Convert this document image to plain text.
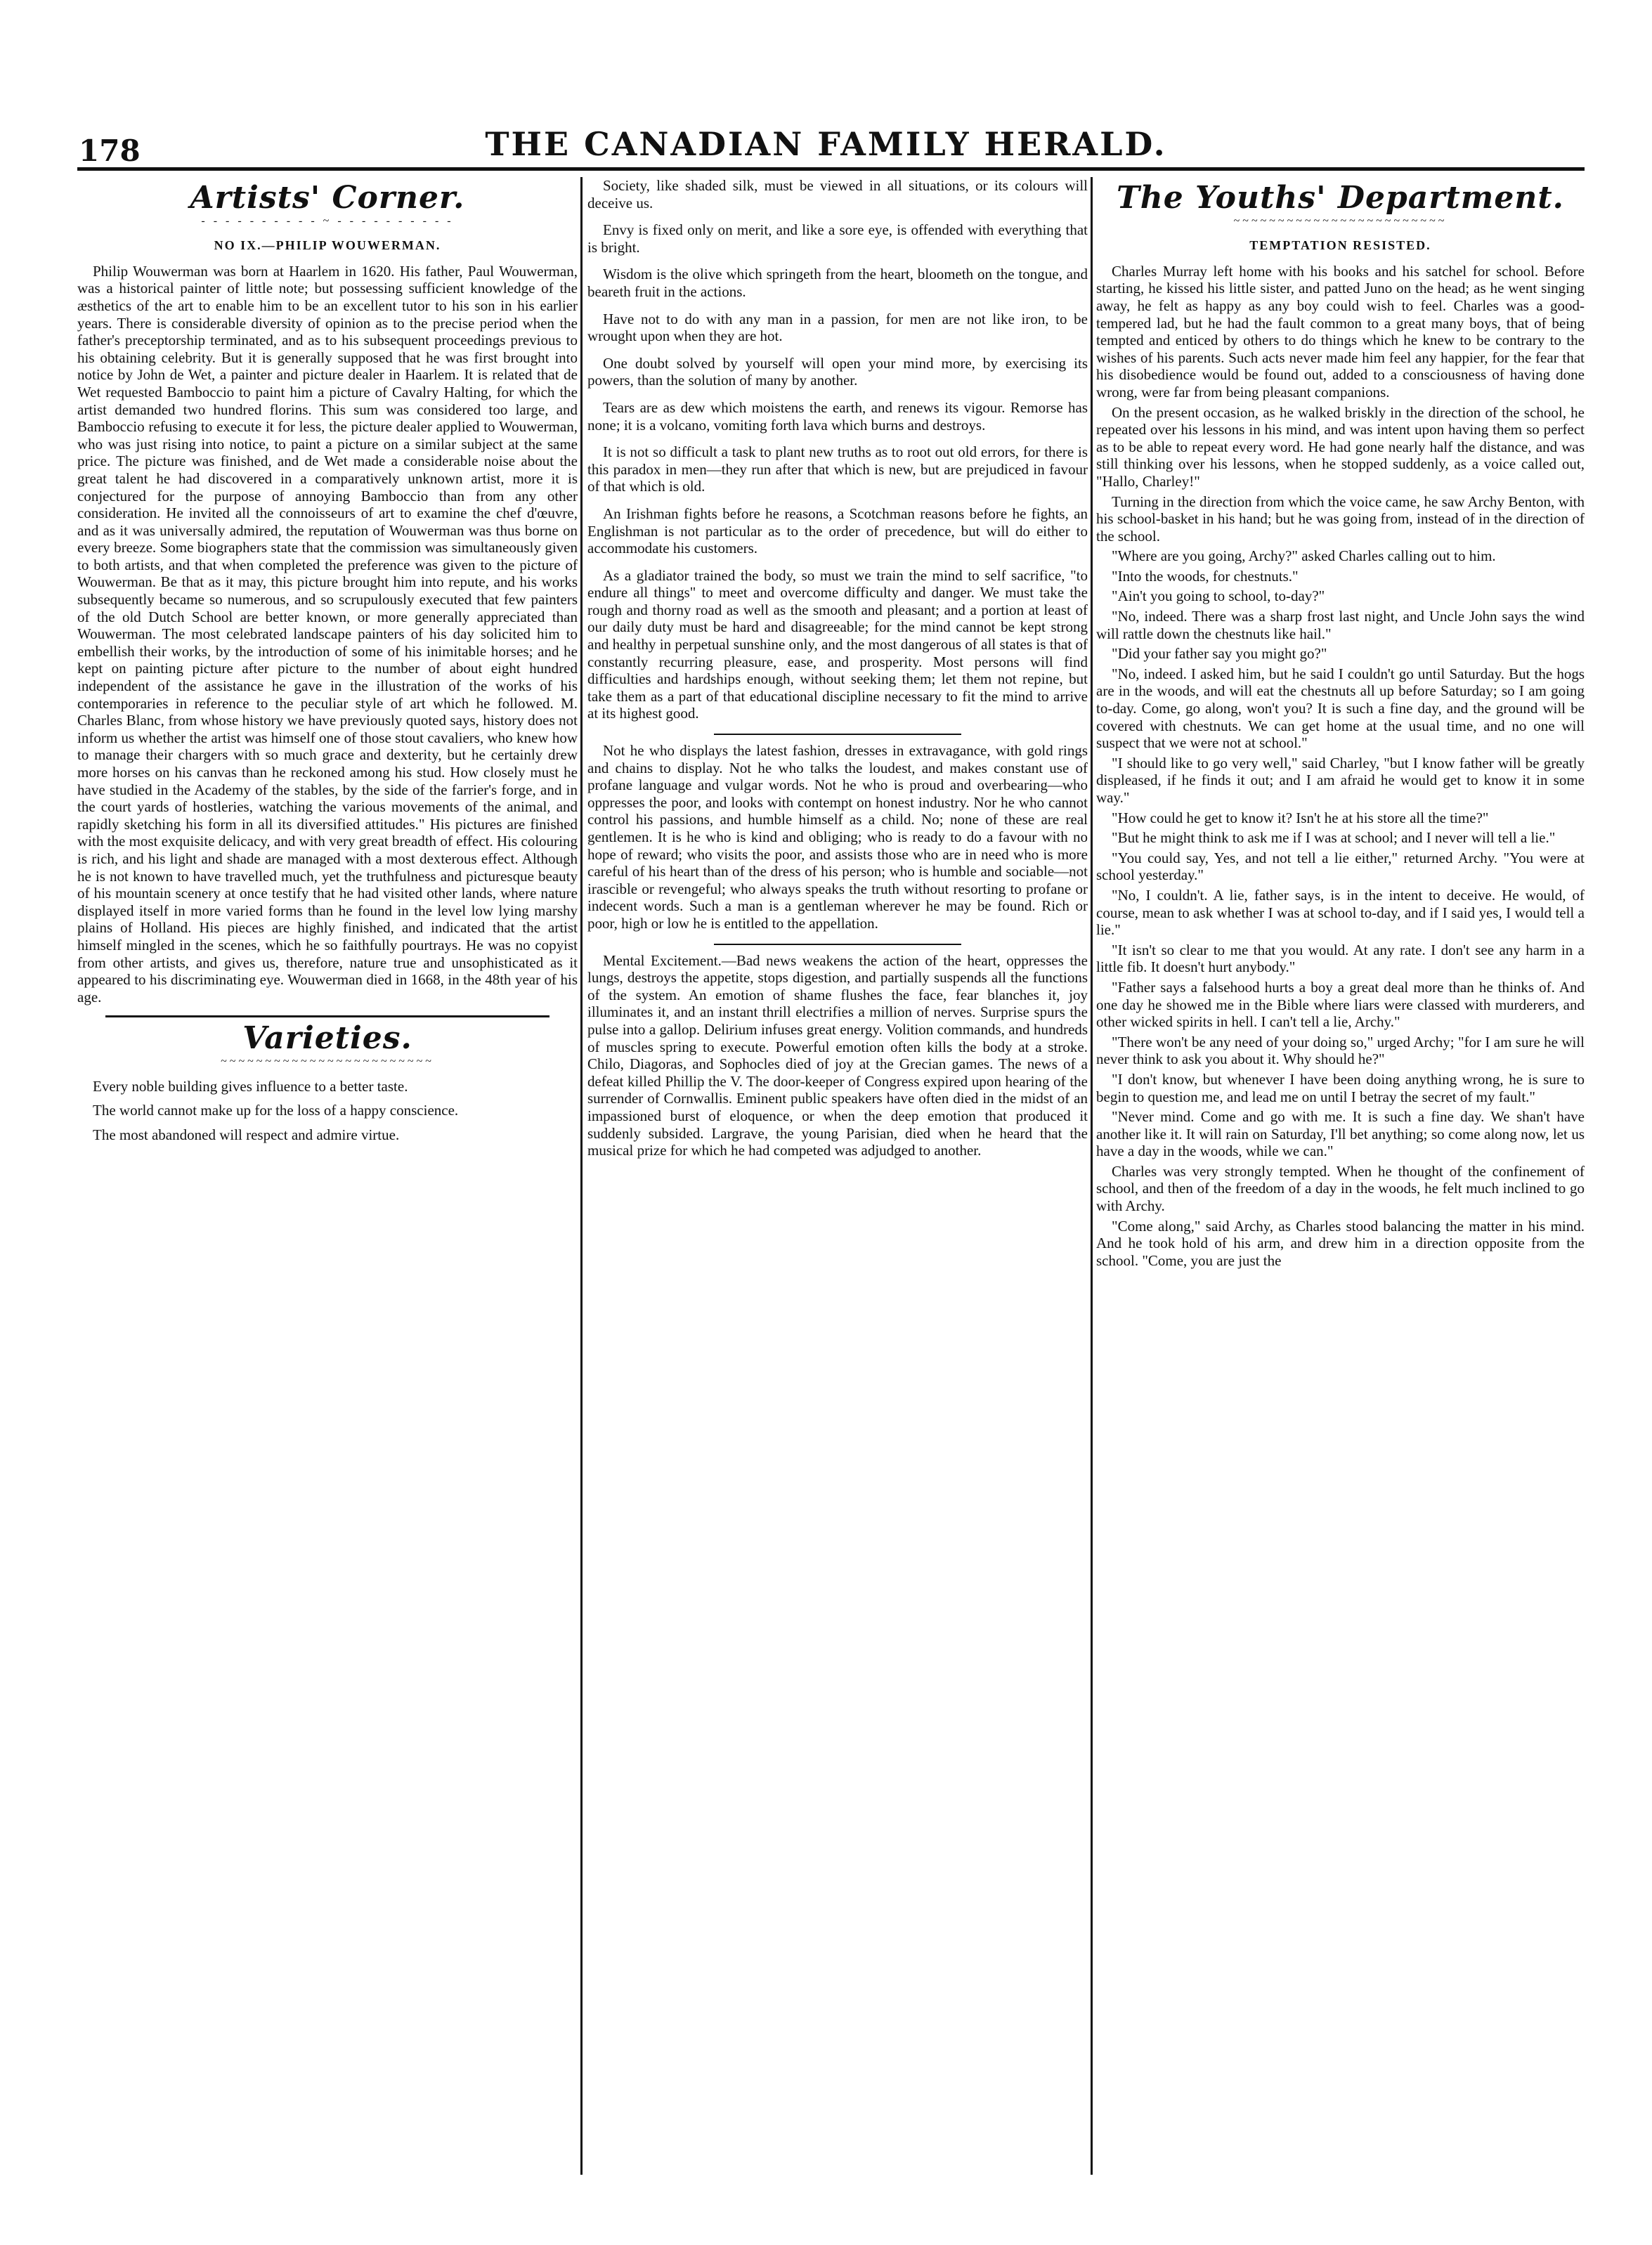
178	THE CANADIAN FAMILY HERALD.
Artists' Corner.
- - - - - - - - - - ~ - - - - - - - - - -
NO IX.—PHILIP WOUWERMAN.

Philip Wouwerman was born at Haarlem in 1620. His father, Paul Wouwerman, was a historical painter of little note; but possessing sufficient knowledge of the æsthetics of the art to enable him to be an excellent tutor to his son in his earlier years. There is considerable diversity of opinion as to the precise period when the father's preceptorship terminated, and as to his subsequent proceedings previous to his obtaining celebrity. But it is generally supposed that he was first brought into notice by John de Wet, a painter and picture dealer in Haarlem. It is related that de Wet requested Bamboccio to paint him a picture of Cavalry Halting, for which the artist demanded two hundred florins. This sum was considered too large, and Bamboccio refusing to execute it for less, the picture dealer applied to Wouwerman, who was just rising into notice, to paint a picture on a similar subject at the same price. The picture was finished, and de Wet made a considerable noise about the great talent he had discovered in a comparatively unknown artist, more it is conjectured for the purpose of annoying Bamboccio than from any other consideration. He invited all the connoisseurs of art to examine the chef d'œuvre, and as it was universally admired, the reputation of Wouwerman was thus borne on every breeze. Some biographers state that the commission was simultaneously given to both artists, and that when completed the preference was given to the picture of Wouwerman. Be that as it may, this picture brought him into repute, and his works subsequently became so numerous, and so scrupulously executed that few painters of the old Dutch School are better known, or more generally appreciated than Wouwerman. The most celebrated landscape painters of his day solicited him to embellish their works, by the introduction of some of his inimitable horses; and he kept on painting picture after picture to the number of about eight hundred independent of the assistance he gave in the illustration of the works of his contemporaries in reference to the peculiar style of art which he followed. M. Charles Blanc, from whose history we have previously quoted says, history does not inform us whether the artist was himself one of those stout cavaliers, who knew how to manage their chargers with so much grace and dexterity, but he certainly drew more horses on his canvas than he reckoned among his stud. How closely must he have studied in the Academy of the stables, by the side of the farrier's forge, and in the court yards of hostleries, watching the various movements of the animal, and rapidly sketching his form in all its diversified attitudes." His pictures are finished with the most exquisite delicacy, and with very great breadth of effect. His colouring is rich, and his light and shade are managed with a most dexterous effect. Although he is not known to have travelled much, yet the truthfulness and picturesque beauty of his mountain scenery at once testify that he had visited other lands, where nature displayed itself in more varied forms than he found in the level low lying marshy plains of Holland. His pieces are highly finished, and indicated that the artist himself mingled in the scenes, which he so faithfully pourtrays. He was no copyist from other artists, and gives us, therefore, nature true and unsophisticated as it appeared to his discriminating eye. Wouwerman died in 1668, in the 48th year of his age.

Varieties.
~~~~~~~~~~~~~~~~~~~~~~~~

Every noble building gives influence to a better taste.

The world cannot make up for the loss of a happy conscience.

The most abandoned will respect and admire virtue.

Society, like shaded silk, must be viewed in all situations, or its colours will deceive us.

Envy is fixed only on merit, and like a sore eye, is offended with everything that is bright.

Wisdom is the olive which springeth from the heart, bloometh on the tongue, and beareth fruit in the actions.

Have not to do with any man in a passion, for men are not like iron, to be wrought upon when they are hot.

One doubt solved by yourself will open your mind more, by exercising its powers, than the solution of many by another.

Tears are as dew which moistens the earth, and renews its vigour. Remorse has none; it is a volcano, vomiting forth lava which burns and destroys.

It is not so difficult a task to plant new truths as to root out old errors, for there is this paradox in men—they run after that which is new, but are prejudiced in favour of that which is old.

An Irishman fights before he reasons, a Scotchman reasons before he fights, an Englishman is not particular as to the order of precedence, but will do either to accommodate his customers.

As a gladiator trained the body, so must we train the mind to self sacrifice, "to endure all things" to meet and overcome difficulty and danger. We must take the rough and thorny road as well as the smooth and pleasant; and a portion at least of our daily duty must be hard and disagreeable; for the mind cannot be kept strong and healthy in perpetual sunshine only, and the most dangerous of all states is that of constantly recurring pleasure, ease, and prosperity. Most persons will find difficulties and hardships enough, without seeking them; let them not repine, but take them as a part of that educational discipline necessary to fit the mind to arrive at its highest good.

Not he who displays the latest fashion, dresses in extravagance, with gold rings and chains to display. Not he who talks the loudest, and makes constant use of profane language and vulgar words. Not he who is proud and overbearing—who oppresses the poor, and looks with contempt on honest industry. Nor he who cannot control his passions, and humble himself as a child. No; none of these are real gentlemen. It is he who is kind and obliging; who is ready to do a favour with no hope of reward; who visits the poor, and assists those who are in need who is more careful of his heart than of the dress of his person; who is humble and sociable—not irascible or revengeful; who always speaks the truth without resorting to profane or indecent words. Such a man is a gentleman wherever he may be found. Rich or poor, high or low he is entitled to the appellation.

Mental Excitement.—Bad news weakens the action of the heart, oppresses the lungs, destroys the appetite, stops digestion, and partially suspends all the functions of the system. An emotion of shame flushes the face, fear blanches it, joy illuminates it, and an instant thrill electrifies a million of nerves. Surprise spurs the pulse into a gallop. Delirium infuses great energy. Volition commands, and hundreds of muscles spring to execute. Powerful emotion often kills the body at a stroke. Chilo, Diagoras, and Sophocles died of joy at the Grecian games. The news of a defeat killed Phillip the V. The door-keeper of Congress expired upon hearing of the surrender of Cornwallis. Eminent public speakers have often died in the midst of an impassioned burst of eloquence, or when the deep emotion that produced it suddenly subsided. Largrave, the young Parisian, died when he heard that the musical prize for which he had competed was adjudged to another.

The Youths' Department.
~~~~~~~~~~~~~~~~~~~~~~~~
TEMPTATION RESISTED.

Charles Murray left home with his books and his satchel for school. Before starting, he kissed his little sister, and patted Juno on the head; as he went singing away, he felt as happy as any boy could wish to feel. Charles was a good-tempered lad, but he had the fault common to a great many boys, that of being tempted and enticed by others to do things which he knew to be contrary to the wishes of his parents. Such acts never made him feel any happier, for the fear that his disobedience would be found out, added to a consciousness of having done wrong, were far from being pleasant companions.

On the present occasion, as he walked briskly in the direction of the school, he repeated over his lessons in his mind, and was intent upon having them so perfect as to be able to repeat every word. He had gone nearly half the distance, and was still thinking over his lessons, when he stopped suddenly, as a voice called out, "Hallo, Charley!"

Turning in the direction from which the voice came, he saw Archy Benton, with his school-basket in his hand; but he was going from, instead of in the direction of the school.

"Where are you going, Archy?" asked Charles calling out to him.

"Into the woods, for chestnuts."

"Ain't you going to school, to-day?"

"No, indeed. There was a sharp frost last night, and Uncle John says the wind will rattle down the chestnuts like hail."

"Did your father say you might go?"

"No, indeed. I asked him, but he said I couldn't go until Saturday. But the hogs are in the woods, and will eat the chestnuts all up before Saturday; so I am going to-day. Come, go along, won't you? It is such a fine day, and the ground will be covered with chestnuts. We can get home at the usual time, and no one will suspect that we were not at school."

"I should like to go very well," said Charley, "but I know father will be greatly displeased, if he finds it out; and I am afraid he would get to know it in some way."

"How could he get to know it? Isn't he at his store all the time?"

"But he might think to ask me if I was at school; and I never will tell a lie."

"You could say, Yes, and not tell a lie either," returned Archy. "You were at school yesterday."

"No, I couldn't. A lie, father says, is in the intent to deceive. He would, of course, mean to ask whether I was at school to-day, and if I said yes, I would tell a lie."

"It isn't so clear to me that you would. At any rate. I don't see any harm in a little fib. It doesn't hurt anybody."

"Father says a falsehood hurts a boy a great deal more than he thinks of. And one day he showed me in the Bible where liars were classed with murderers, and other wicked spirits in hell. I can't tell a lie, Archy."

"There won't be any need of your doing so," urged Archy; "for I am sure he will never think to ask you about it. Why should he?"

"I don't know, but whenever I have been doing anything wrong, he is sure to begin to question me, and lead me on until I betray the secret of my fault."

"Never mind. Come and go with me. It is such a fine day. We shan't have another like it. It will rain on Saturday, I'll bet anything; so come along now, let us have a day in the woods, while we can."

Charles was very strongly tempted. When he thought of the confinement of school, and then of the freedom of a day in the woods, he felt much inclined to go with Archy.

"Come along," said Archy, as Charles stood balancing the matter in his mind. And he took hold of his arm, and drew him in a direction opposite from the school. "Come, you are just the
